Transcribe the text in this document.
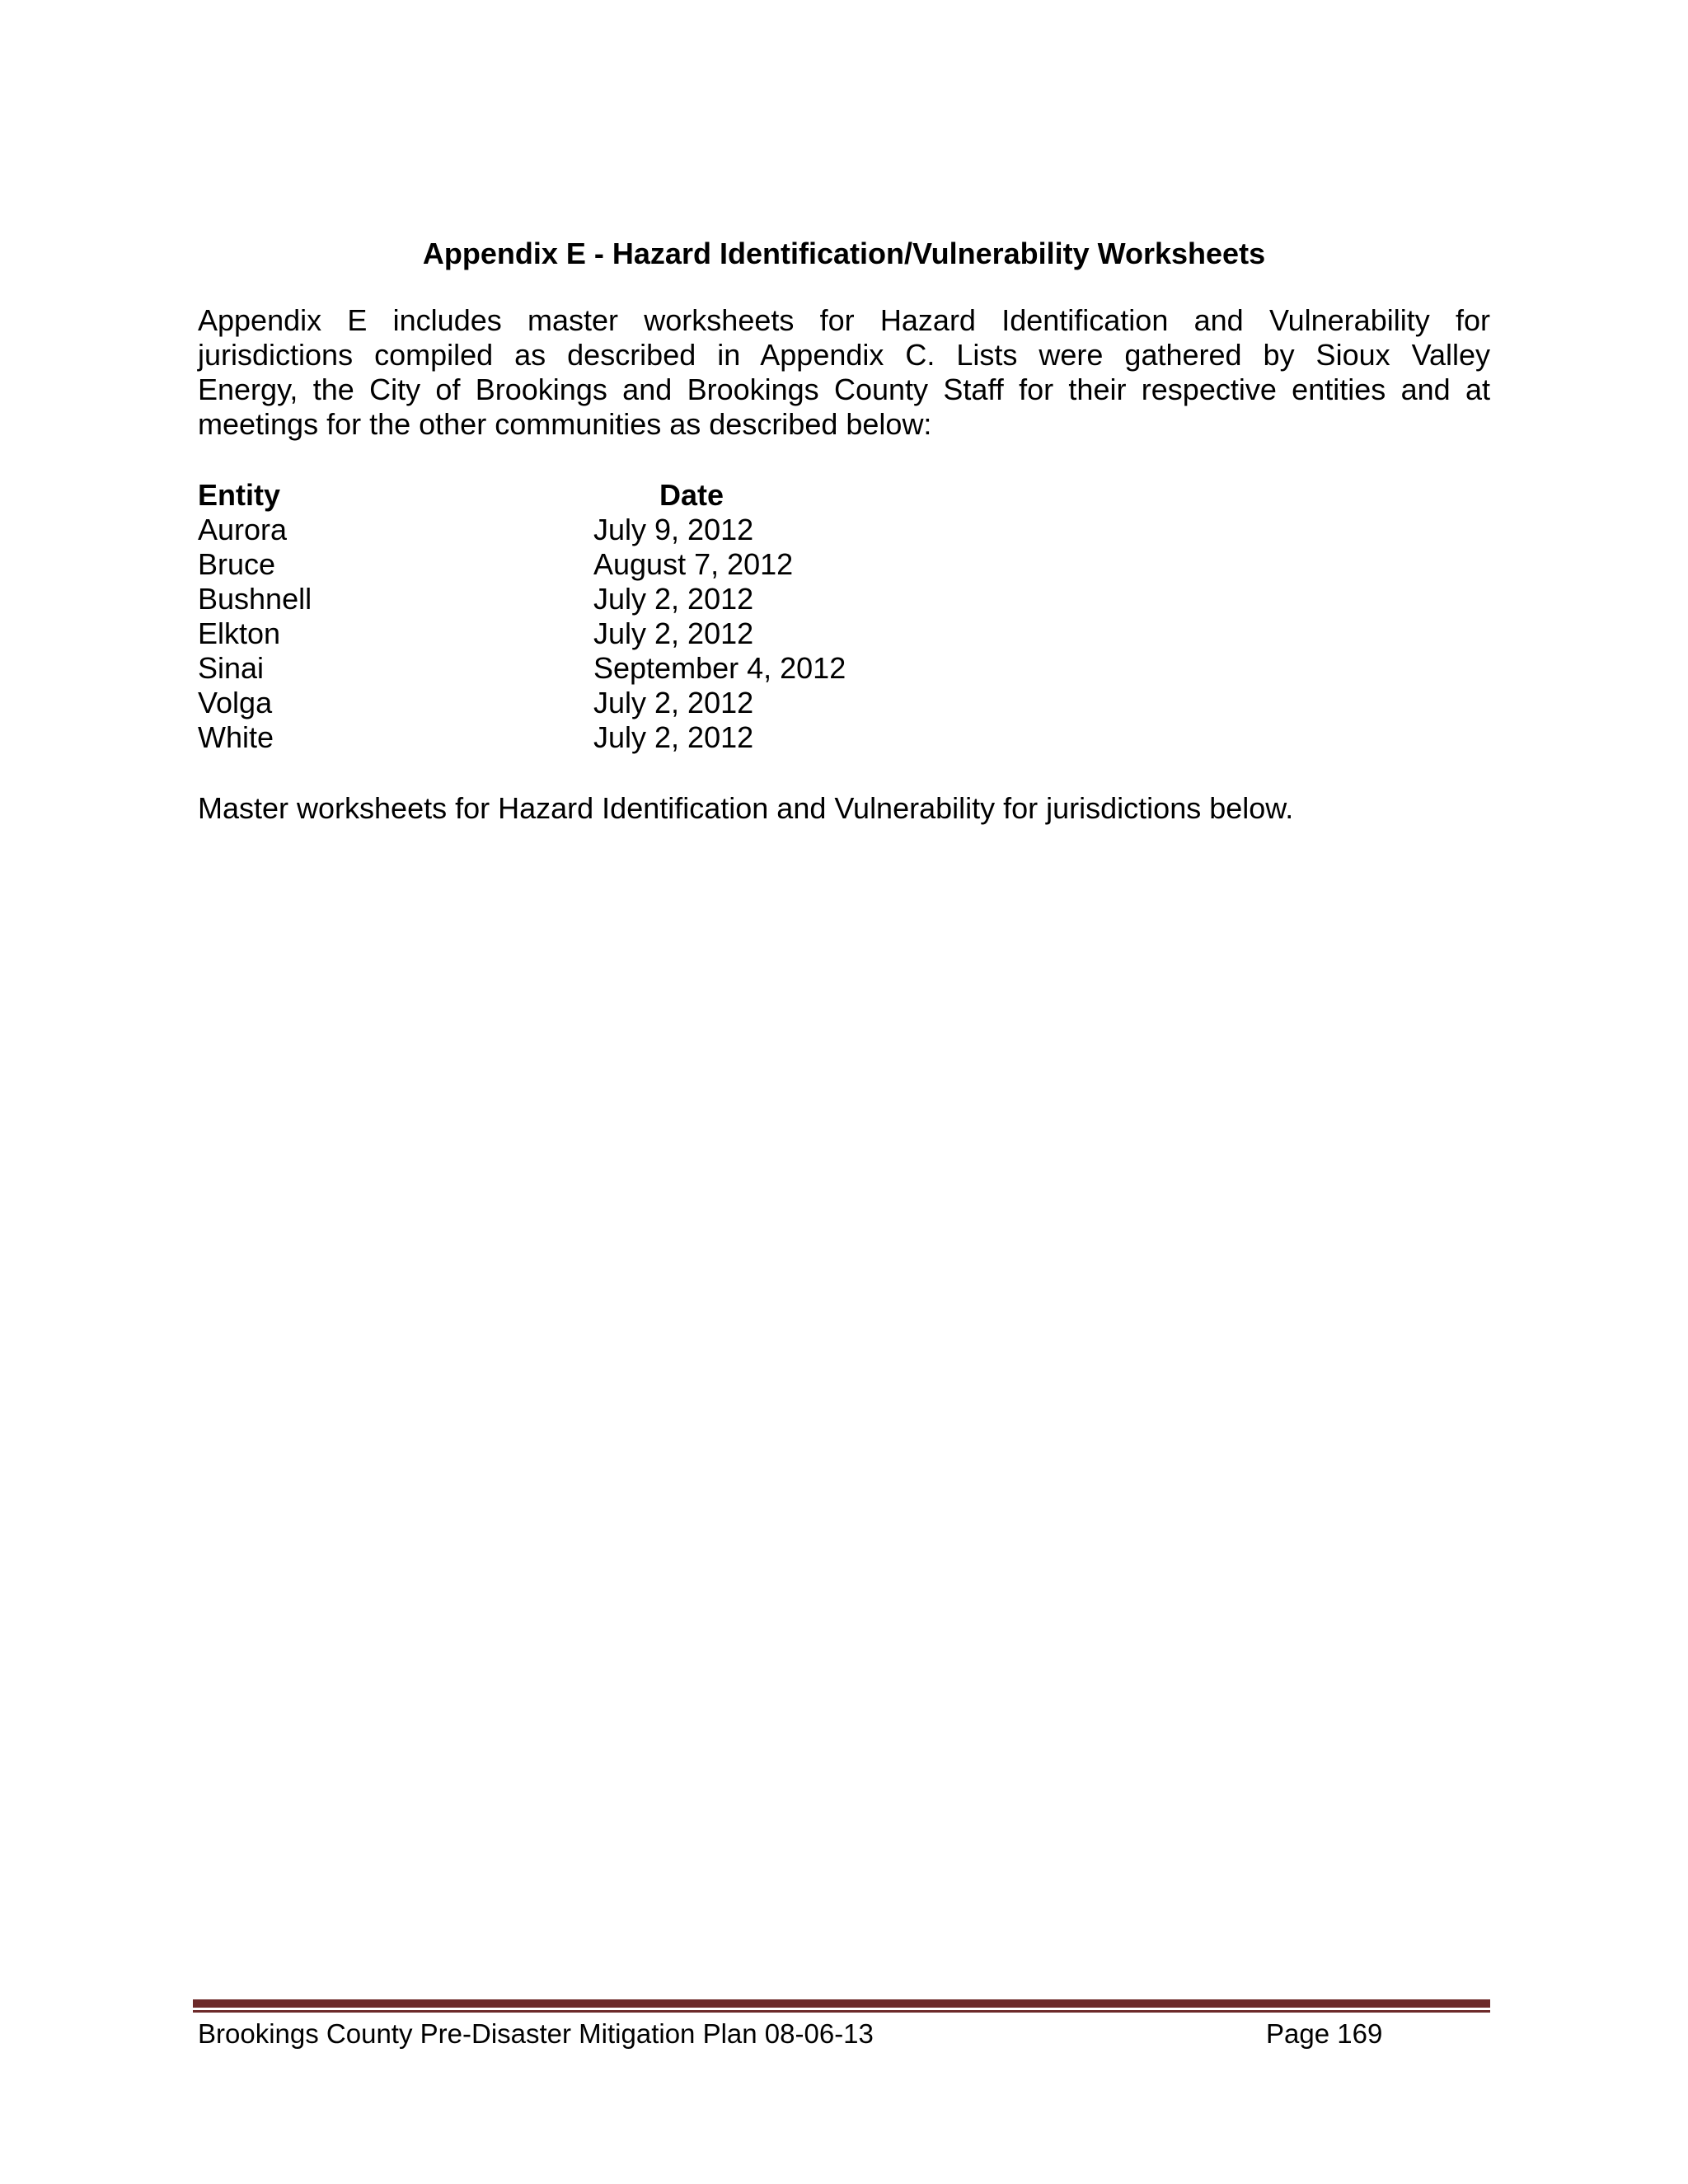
Appendix E - Hazard Identification/Vulnerability Worksheets
Appendix E includes master worksheets for Hazard Identification and Vulnerability for
jurisdictions compiled as described in Appendix C. Lists were gathered by Sioux Valley
Energy, the City of Brookings and Brookings County Staff for their respective entities and at
meetings for the other communities as described below:
Entity	Date
Aurora	July 9, 2012
Bruce	August 7, 2012
Bushnell	July 2, 2012
Elkton	July 2, 2012
Sinai	September 4, 2012
Volga	July 2, 2012
White	July 2, 2012
Master worksheets for Hazard Identification and Vulnerability for jurisdictions below.
Brookings County Pre-Disaster Mitigation Plan 08-06-13	Page 169
